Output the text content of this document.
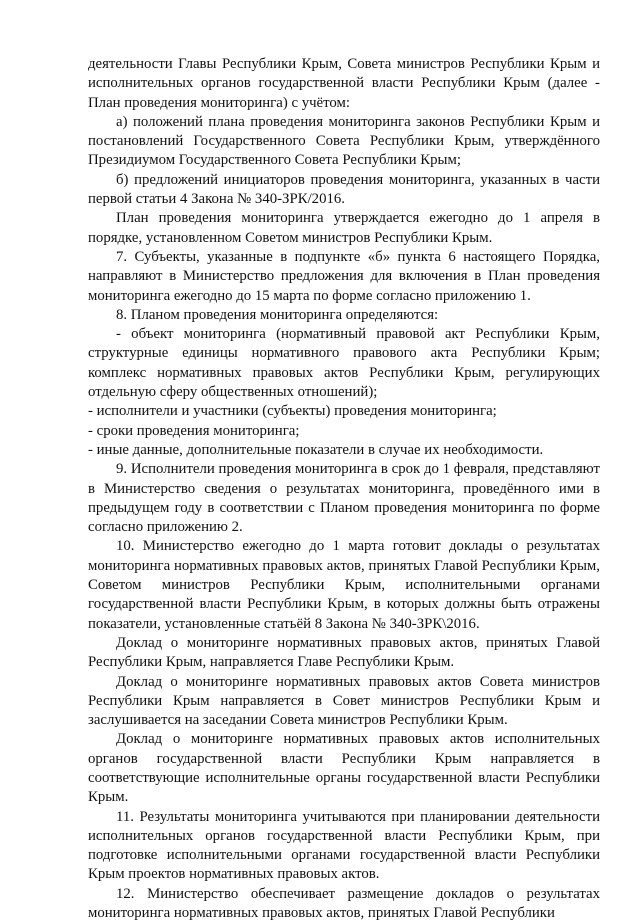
деятельности Главы Республики Крым, Совета министров Республики Крым и исполнительных органов государственной власти Республики Крым (далее - План проведения мониторинга) с учётом:

а) положений плана проведения мониторинга законов Республики Крым и постановлений Государственного Совета Республики Крым, утверждённого Президиумом Государственного Совета Республики Крым;

б) предложений инициаторов проведения мониторинга, указанных в части первой статьи 4 Закона № 340-ЗРК/2016.

План проведения мониторинга утверждается ежегодно до 1 апреля в порядке, установленном Советом министров Республики Крым.

7. Субъекты, указанные в подпункте «б» пункта 6 настоящего Порядка, направляют в Министерство предложения для включения в План проведения мониторинга ежегодно до 15 марта по форме согласно приложению 1.

8. Планом проведения мониторинга определяются:

- объект мониторинга (нормативный правовой акт Республики Крым, структурные единицы нормативного правового акта Республики Крым; комплекс нормативных правовых актов Республики Крым, регулирующих отдельную сферу общественных отношений);

- исполнители и участники (субъекты) проведения мониторинга;
- сроки проведения мониторинга;
- иные данные, дополнительные показатели в случае их необходимости.

9. Исполнители проведения мониторинга в срок до 1 февраля, представляют в Министерство сведения о результатах мониторинга, проведённого ими в предыдущем году в соответствии с Планом проведения мониторинга по форме согласно приложению 2.

10. Министерство ежегодно до 1 марта готовит доклады о результатах мониторинга нормативных правовых актов, принятых Главой Республики Крым, Советом министров Республики Крым, исполнительными органами государственной власти Республики Крым, в которых должны быть отражены показатели, установленные статьёй 8 Закона № 340-ЗРК\2016.

Доклад о мониторинге нормативных правовых актов, принятых Главой Республики Крым, направляется Главе Республики Крым.

Доклад о мониторинге нормативных правовых актов Совета министров Республики Крым направляется в Совет министров Республики Крым и заслушивается на заседании Совета министров Республики Крым.

Доклад о мониторинге нормативных правовых актов исполнительных органов государственной власти Республики Крым направляется в соответствующие исполнительные органы государственной власти Республики Крым.

11. Результаты мониторинга учитываются при планировании деятельности исполнительных органов государственной власти Республики Крым, при подготовке исполнительными органами государственной власти Республики Крым проектов нормативных правовых актов.

12. Министерство обеспечивает размещение докладов о результатах мониторинга нормативных правовых актов, принятых Главой Республики
